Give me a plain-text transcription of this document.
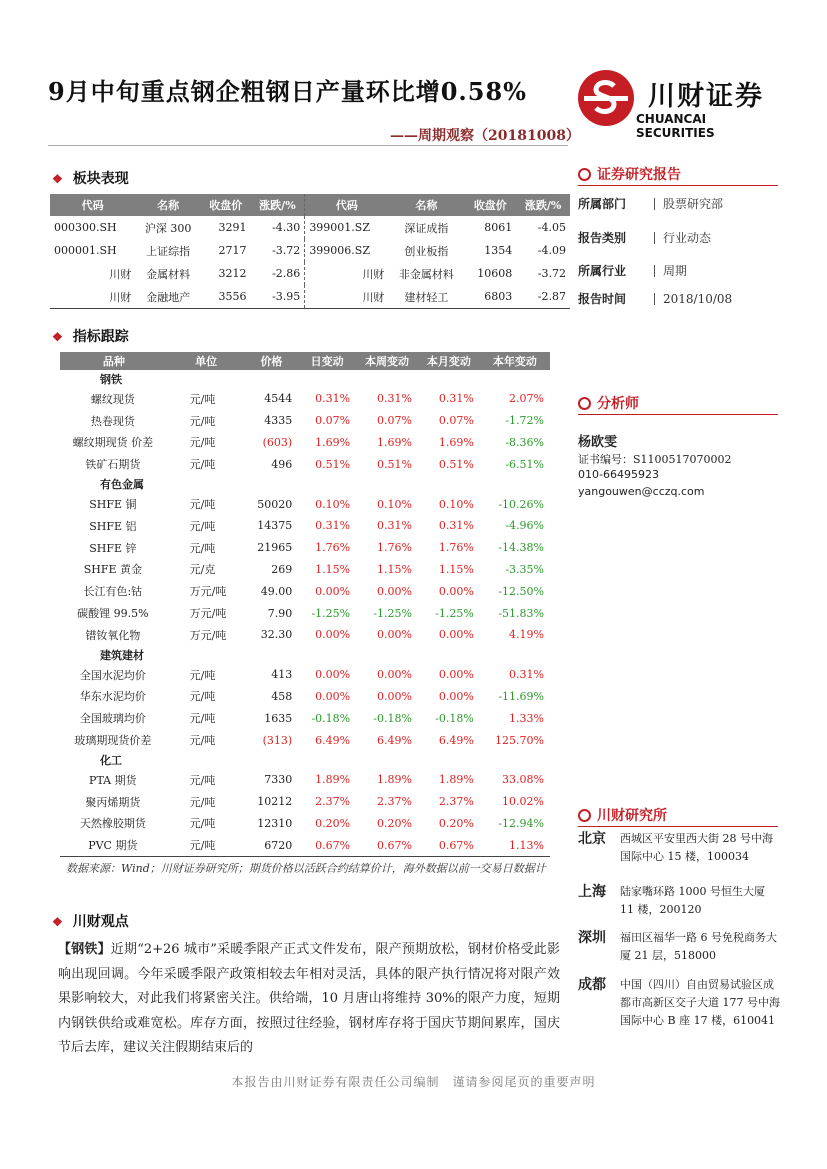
9月中旬重点钢企粗钢日产量环比增0.58%
——周期观察（20181008）
川财证券
CHUANCAI SECURITIES
❖ 板块表现
代码	名称	收盘价	涨跌/%	代码	名称	收盘价	涨跌/%
000300.SH	沪深 300	3291	-4.30	399001.SZ	深证成指	8061	-4.05
000001.SH	上证综指	2717	-3.72	399006.SZ	创业板指	1354	-4.09
川财	金属材料	3212	-2.86	川财	非金属材料	10608	-3.72
川财	金融地产	3556	-3.95	川财	建材轻工	6803	-2.87
❖ 指标跟踪
品种	单位	价格	日变动	本周变动	本月变动	本年变动
钢铁						
螺纹现货	元/吨	4544	0.31%	0.31%	0.31%	2.07%
热卷现货	元/吨	4335	0.07%	0.07%	0.07%	-1.72%
螺纹期现货 价差	元/吨	(603)	1.69%	1.69%	1.69%	-8.36%
铁矿石期货	元/吨	496	0.51%	0.51%	0.51%	-6.51%
有色金属						
SHFE 铜	元/吨	50020	0.10%	0.10%	0.10%	-10.26%
SHFE 铝	元/吨	14375	0.31%	0.31%	0.31%	-4.96%
SHFE 锌	元/吨	21965	1.76%	1.76%	1.76%	-14.38%
SHFE 黄金	元/克	269	1.15%	1.15%	1.15%	-3.35%
长江有色:钴	万元/吨	49.00	0.00%	0.00%	0.00%	-12.50%
碳酸锂 99.5%	万元/吨	7.90	-1.25%	-1.25%	-1.25%	-51.83%
镨钕氧化物	万元/吨	32.30	0.00%	0.00%	0.00%	4.19%
建筑建材						
全国水泥均价	元/吨	413	0.00%	0.00%	0.00%	0.31%
华东水泥均价	元/吨	458	0.00%	0.00%	0.00%	-11.69%
全国玻璃均价	元/吨	1635	-0.18%	-0.18%	-0.18%	1.33%
玻璃期现货价差	元/吨	(313)	6.49%	6.49%	6.49%	125.70%
化工						
PTA 期货	元/吨	7330	1.89%	1.89%	1.89%	33.08%
聚丙烯期货	元/吨	10212	2.37%	2.37%	2.37%	10.02%
天然橡胶期货	元/吨	12310	0.20%	0.20%	0.20%	-12.94%
PVC 期货	元/吨	6720	0.67%	0.67%	0.67%	1.13%
数据来源：Wind；川财证券研究所；期货价格以活跃合约结算价计，海外数据以前一交易日数据计
❖ 川财观点
【钢铁】近期“2+26 城市”采暖季限产正式文件发布，限产预期放松，钢材价格受此影响出现回调。今年采暖季限产政策相较去年相对灵活，具体的限产执行情况将对限产效果影响较大，对此我们将紧密关注。供给端，10 月唐山将维持 30%的限产力度，短期内钢铁供给或难宽松。库存方面，按照过往经验，钢材库存将于国庆节期间累库，国庆节后去库，建议关注假期结束后的
本报告由川财证券有限责任公司编制　谨请参阅尾页的重要声明
证券研究报告
所属部门	股票研究部
报告类别	行业动态
所属行业	周期
报告时间	2018/10/08
分析师
杨欧雯
证书编号：S1100517070002
010-66495923
yangouwen@cczq.com
川财研究所
北京 西城区平安里西大街 28 号中海国际中心 15 楼，100034
上海 陆家嘴环路 1000 号恒生大厦 11 楼，200120
深圳 福田区福华一路 6 号免税商务大厦 21 层，518000
成都 中国（四川）自由贸易试验区成都市高新区交子大道 177 号中海国际中心 B 座 17 楼，610041
